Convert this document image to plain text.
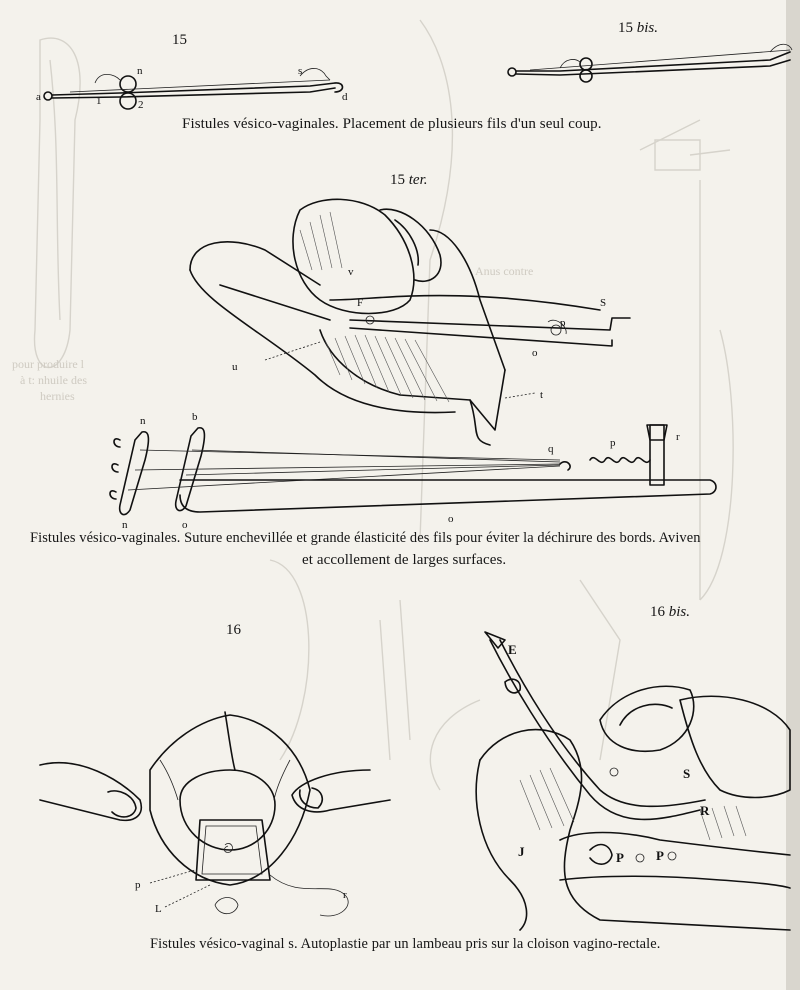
Anus contre
pour produire l
à t: nhuile des
hernies
a
n	s
1	2
d
v
F	S
p
u
o
t
n	b
q	p	r
n	o	o
p
L
r
E
S
R
J	P P
15
15 bis.
15 ter.
16
16 bis.

Fistules vésico-vaginales. Placement de plusieurs fils d'un seul coup.

Fistules vésico-vaginales. Suture enchevillée et grande élasticité des fils pour éviter la déchirure des bords. Aviven

et accollement de larges surfaces.

Fistules vésico-vaginal s. Autoplastie par un lambeau pris sur la cloison vagino-rectale.
